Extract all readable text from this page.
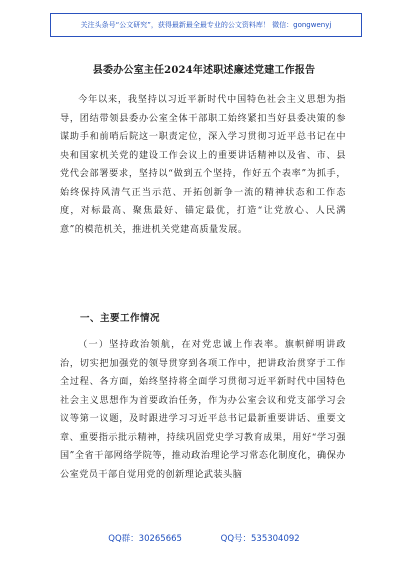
关注头条号“公文研究”，获得最新最全最专业的公文资料库！ 微信：gongwenyj
县委办公室主任2024年述职述廉述党建工作报告
今年以来，我坚持以习近平新时代中国特色社会主义思想为指导，团结带领县委办公室全体干部职工始终紧扣当好县委决策的参谋助手和前哨后院这一职责定位，深入学习贯彻习近平总书记在中央和国家机关党的建设工作会议上的重要讲话精神以及省、市、县党代会部署要求，坚持以“做到五个坚持，作好五个表率”为抓手，始终保持风清气正当示范、开拓创新争一流的精神状态和工作态度，对标最高、聚焦最好、锚定最优，打造“让党放心、人民满意”的模范机关，推进机关党建高质量发展。
一、主要工作情况
（一）坚持政治领航，在对党忠诚上作表率。旗帜鲜明讲政治，切实把加强党的领导贯穿到各项工作中，把讲政治贯穿于工作全过程、各方面，始终坚持将全面学习贯彻习近平新时代中国特色社会主义思想作为首要政治任务，作为办公室会议和党支部学习会议等第一议题，及时跟进学习习近平总书记最新重要讲话、重要文章、重要指示批示精神，持续巩固党史学习教育成果，用好“学习强国”全省干部网络学院等，推动政治理论学习常态化制度化，确保办公室党员干部自觉用党的创新理论武装头脑
QQ群：30265665	QQ号：535304092
